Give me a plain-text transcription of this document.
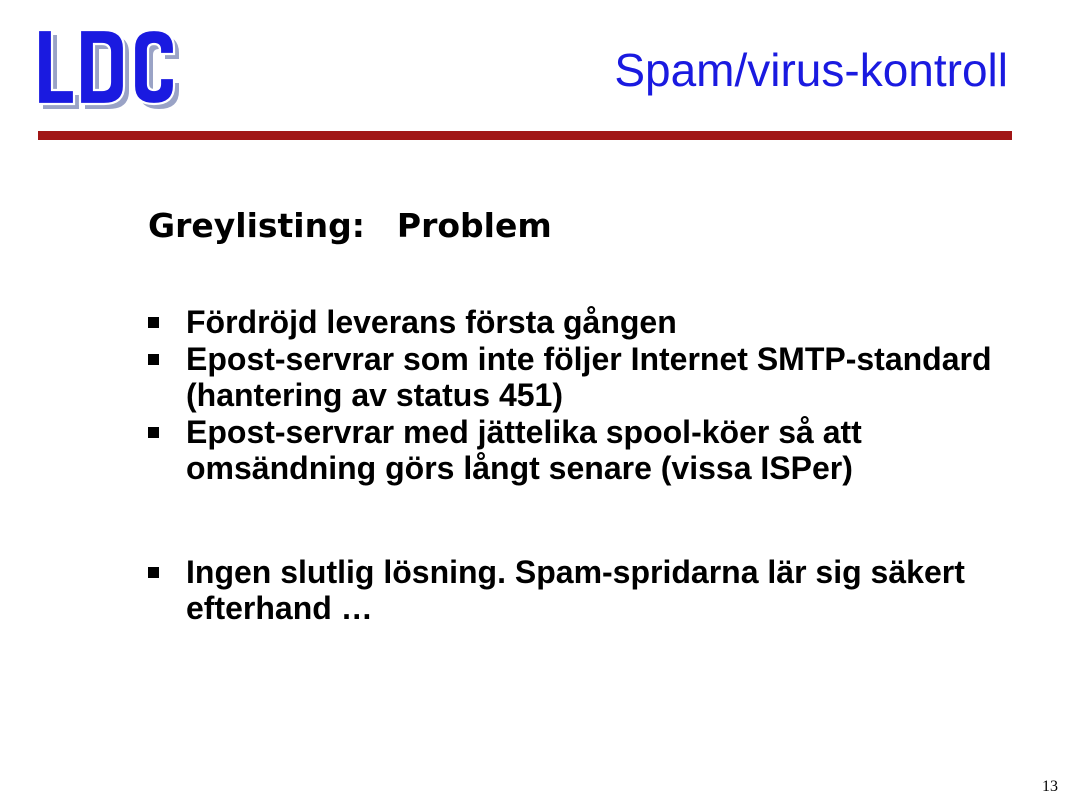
Spam/virus-kontroll
Greylisting: Problem
Fördröjd leverans första gången
Epost-servrar som inte följer Internet SMTP-standard (hantering av status 451)
Epost-servrar med jättelika spool-köer så att omsändning görs långt senare (vissa ISPer)
Ingen slutlig lösning. Spam-spridarna lär sig säkert efterhand …
13
